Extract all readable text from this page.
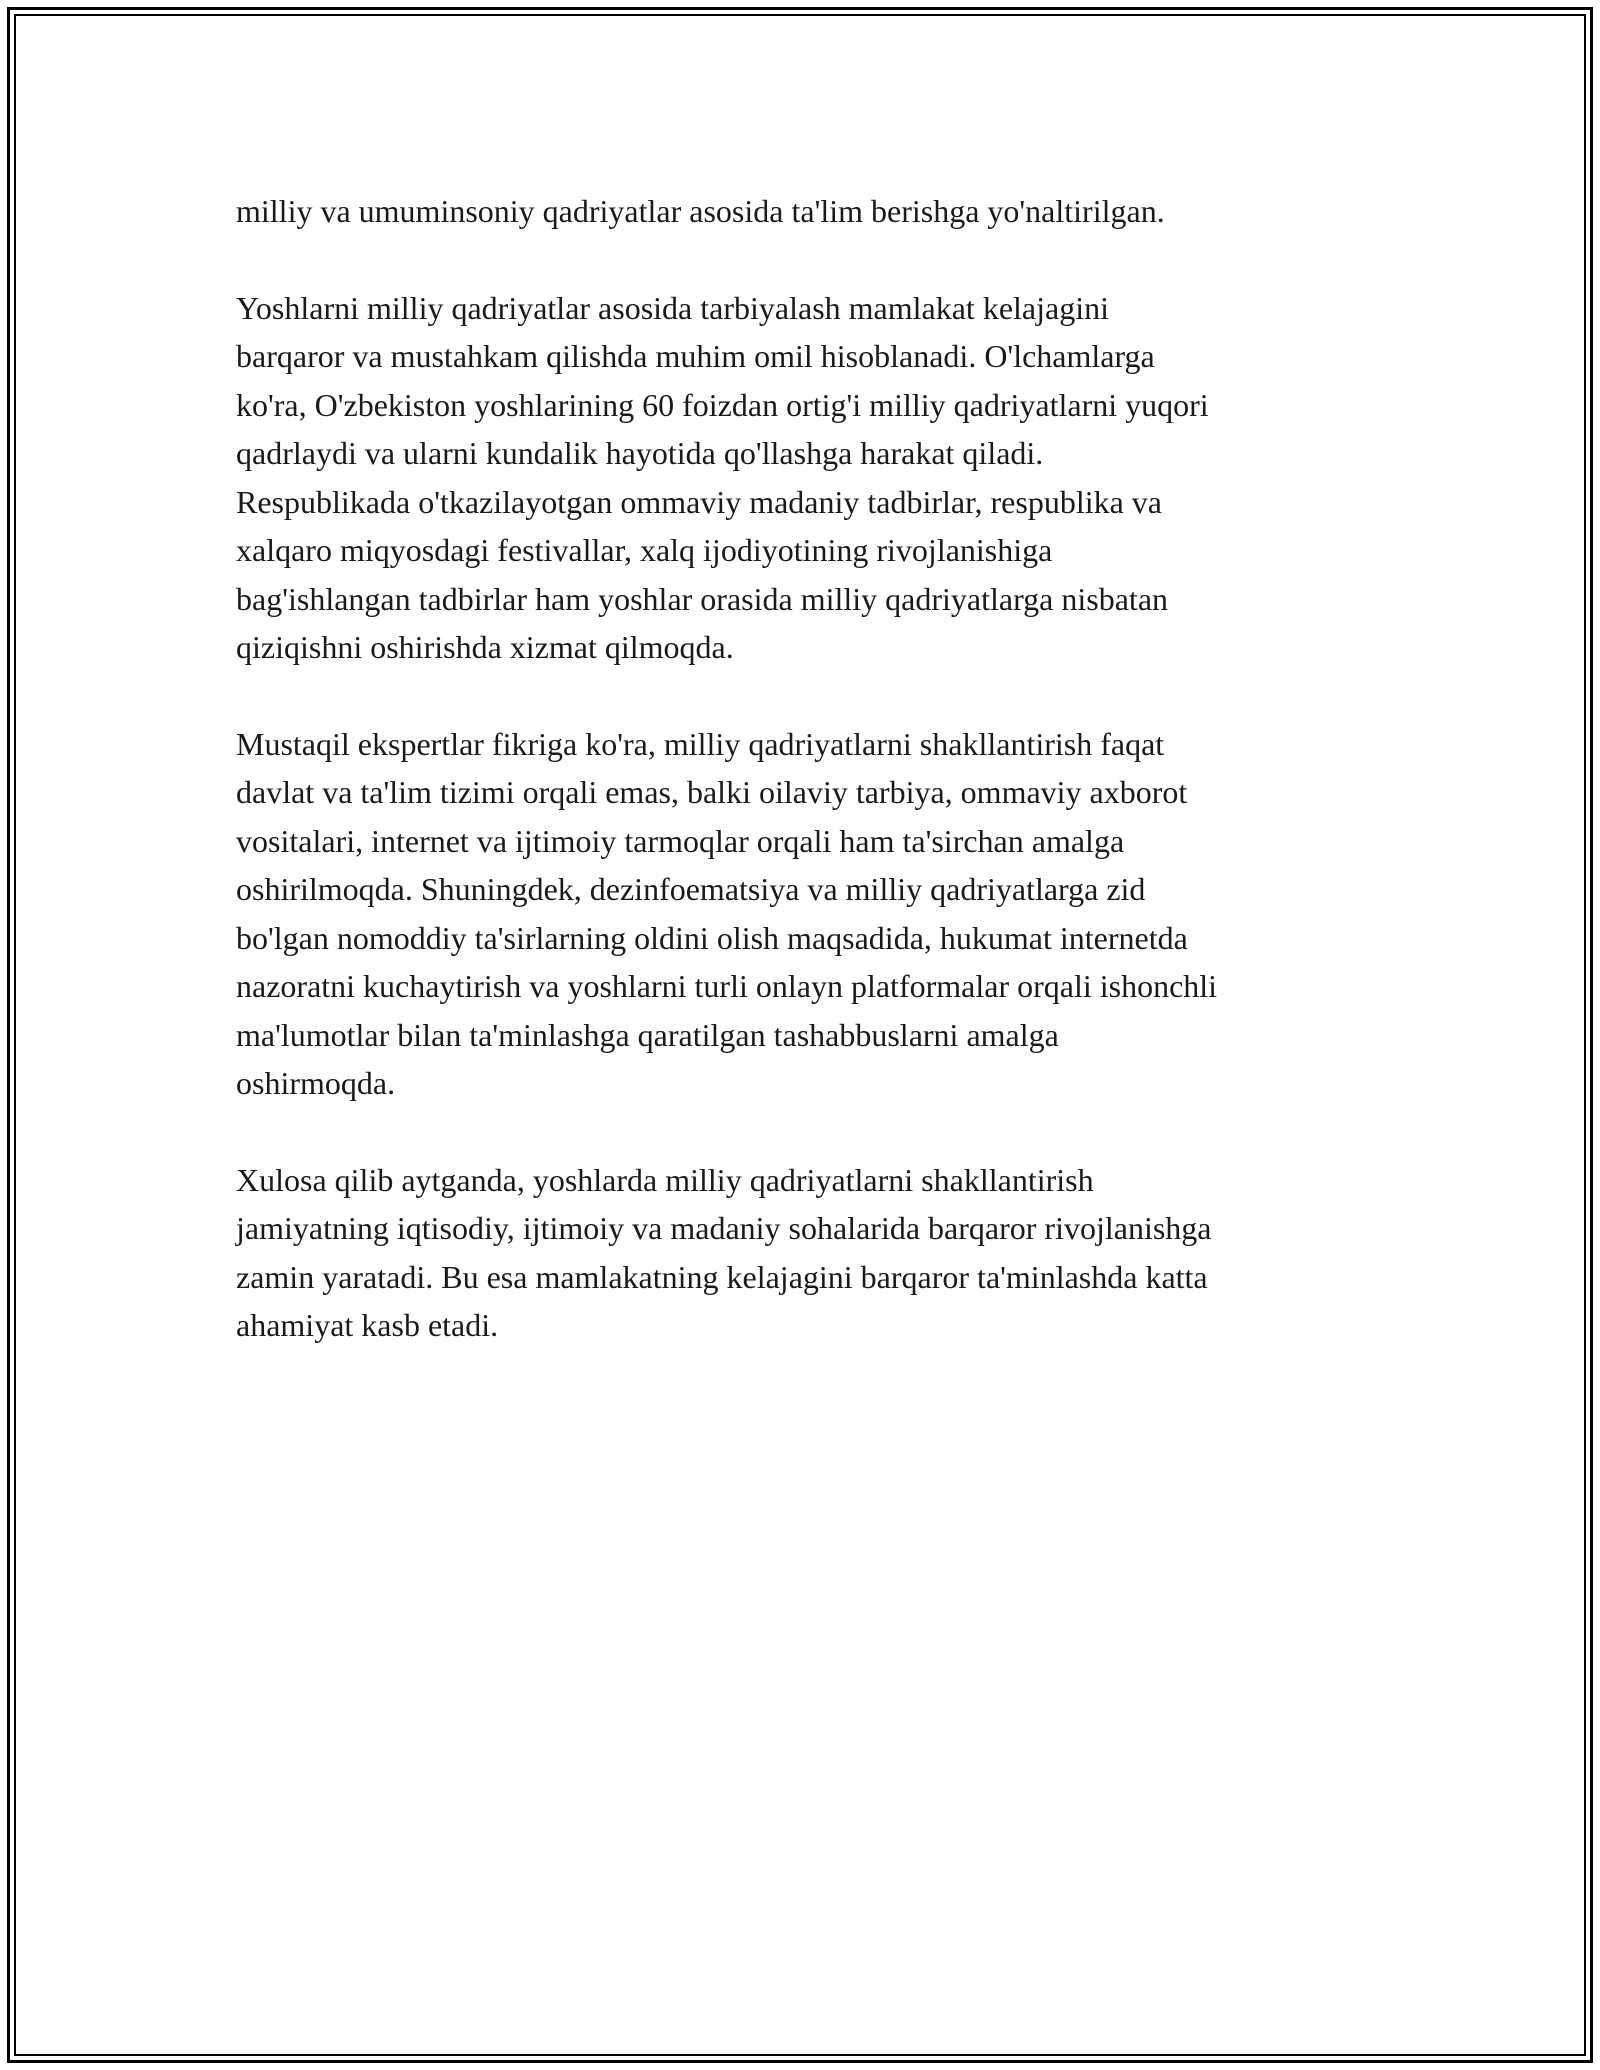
milliy va umuminsoniy qadriyatlar asosida ta'lim berishga yo'naltirilgan.

Yoshlarni milliy qadriyatlar asosida tarbiyalash mamlakat kelajagini
barqaror va mustahkam qilishda muhim omil hisoblanadi. O'lchamlarga
ko'ra, O'zbekiston yoshlarining 60 foizdan ortig'i milliy qadriyatlarni yuqori
qadrlaydi va ularni kundalik hayotida qo'llashga harakat qiladi.
Respublikada o'tkazilayotgan ommaviy madaniy tadbirlar, respublika va
xalqaro miqyosdagi festivallar, xalq ijodiyotining rivojlanishiga
bag'ishlangan tadbirlar ham yoshlar orasida milliy qadriyatlarga nisbatan
qiziqishni oshirishda xizmat qilmoqda.

Mustaqil ekspertlar fikriga ko'ra, milliy qadriyatlarni shakllantirish faqat
davlat va ta'lim tizimi orqali emas, balki oilaviy tarbiya, ommaviy axborot
vositalari, internet va ijtimoiy tarmoqlar orqali ham ta'sirchan amalga
oshirilmoqda. Shuningdek, dezinfoematsiya va milliy qadriyatlarga zid
bo'lgan nomoddiy ta'sirlarning oldini olish maqsadida, hukumat internetda
nazoratni kuchaytirish va yoshlarni turli onlayn platformalar orqali ishonchli
ma'lumotlar bilan ta'minlashga qaratilgan tashabbuslarni amalga
oshirmoqda.

Xulosa qilib aytganda, yoshlarda milliy qadriyatlarni shakllantirish
jamiyatning iqtisodiy, ijtimoiy va madaniy sohalarida barqaror rivojlanishga
zamin yaratadi. Bu esa mamlakatning kelajagini barqaror ta'minlashda katta
ahamiyat kasb etadi.
